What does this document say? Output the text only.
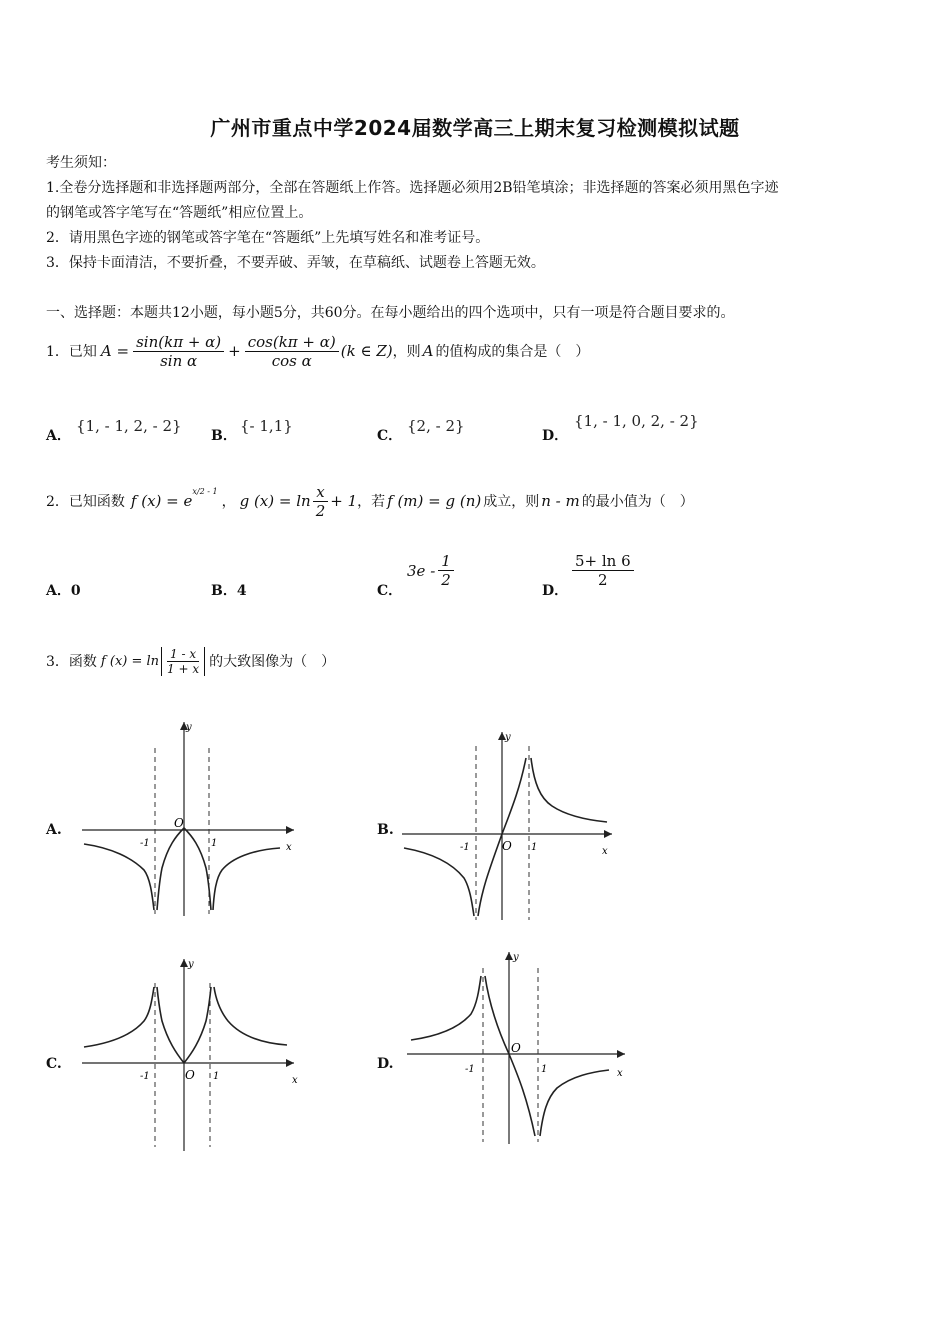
广州市重点中学2024届数学高三上期末复习检测模拟试题
考生须知：
1.全卷分选择题和非选择题两部分，全部在答题纸上作答。选择题必须用2B铅笔填涂；非选择题的答案必须用黑色字迹
的钢笔或答字笔写在“答题纸”相应位置上。
2．请用黑色字迹的钢笔或答字笔在“答题纸”上先填写姓名和准考证号。
3．保持卡面清洁，不要折叠，不要弄破、弄皱，在草稿纸、试题卷上答题无效。
一、选择题：本题共12小题，每小题5分，共60分。在每小题给出的四个选项中，只有一项是符合题目要求的。
1．已知 $A = \frac{\sin(k\pi + \alpha)}{\text{sin α}} + \frac{\cos(k\pi + \alpha)}{\text{cos α}} (k$ ∈ Z) ，则 A 的值构成的集合是（　）
A．
{1, - 1, 2, - 2}
B．
{- 1,1}
C．
{2, - 2}
D．
{1, - 1, 0, 2, - 2}
2．已知函数 f (x) = e
$^{x/2 - 1}$
， g $(x) = \ln \frac{x}{2} + 1$ ，若 f (m) = g (n) 成立，则 n - m 的最小值为（　）
A．0	B．4	C．
$3e - \frac{1}{2}$
D．
$\frac{5+ \ln 6}{2}$
3．函数 f $(x) = \ln \frac{1 - x}{1 + x}$ 的大致图像为（　）
A.	B.
C.	D.
y
x
O
-1	1
y
x
O
-1	1
y
x
O
-1	1
y
x
O
-1	1
